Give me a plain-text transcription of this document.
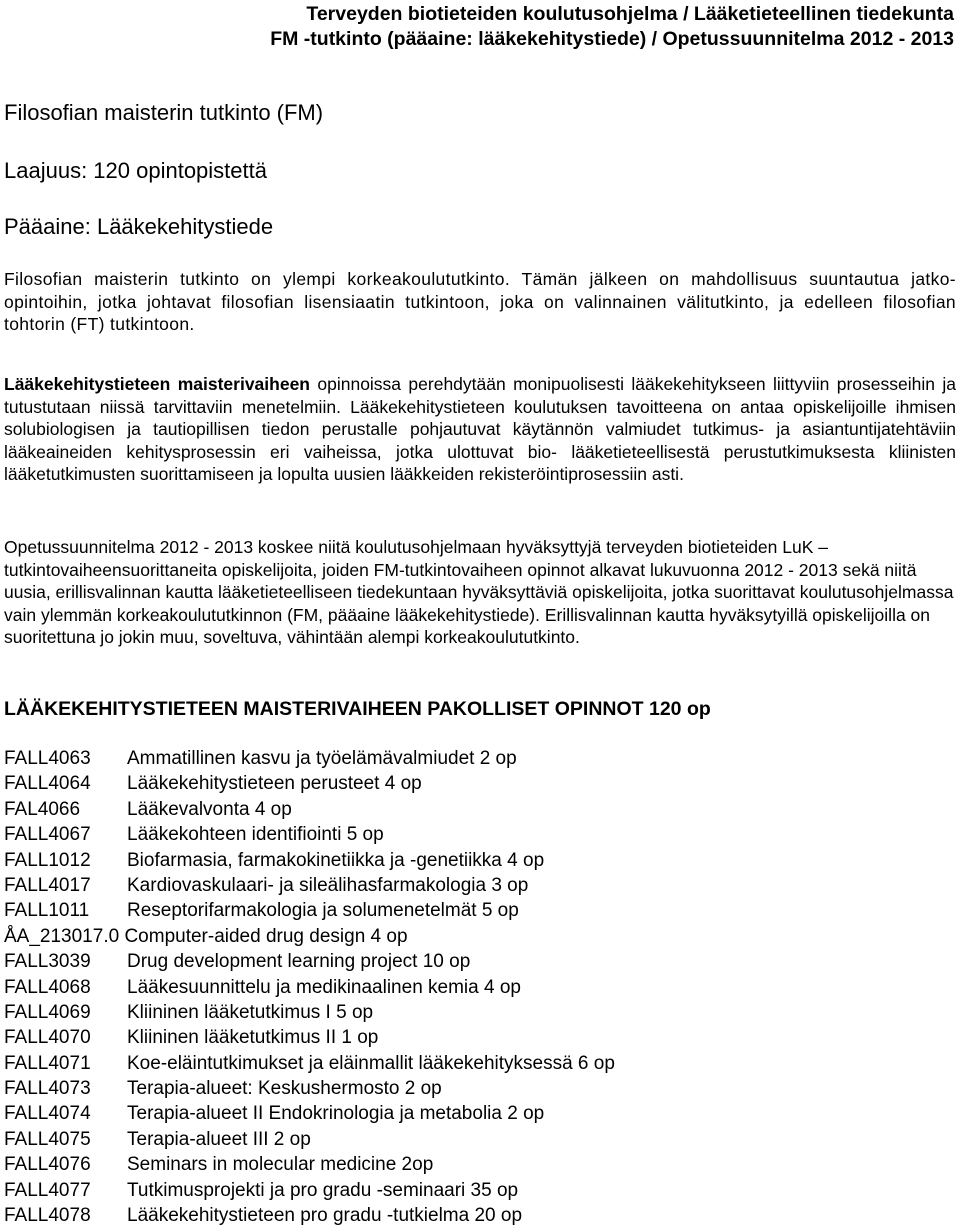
Terveyden biotieteiden koulutusohjelma / Lääketieteellinen tiedekunta
FM -tutkinto (pääaine: lääkekehitystiede) / Opetussuunnitelma 2012 - 2013
Filosofian maisterin tutkinto (FM)
Laajuus: 120 opintopistettä
Pääaine: Lääkekehitystiede

Filosofian maisterin tutkinto on ylempi korkeakoulututkinto. Tämän jälkeen on mahdollisuus suuntautua jatko-opintoihin, jotka johtavat filosofian lisensiaatin tutkintoon, joka on valinnainen välitutkinto, ja edelleen filosofian tohtorin (FT) tutkintoon.

Lääkekehitystieteen maisterivaiheen opinnoissa perehdytään monipuolisesti lääkekehitykseen liittyviin prosesseihin ja tutustutaan niissä tarvittaviin menetelmiin. Lääkekehitystieteen koulutuksen tavoitteena on antaa opiskelijoille ihmisen solubiologisen ja tautiopillisen tiedon perustalle pohjautuvat käytännön valmiudet tutkimus- ja asiantuntijatehtäviin lääkeaineiden kehitysprosessin eri vaiheissa, jotka ulottuvat bio- lääketieteellisestä perustutkimuksesta kliinisten lääketutkimusten suorittamiseen ja lopulta uusien lääkkeiden rekisteröintiprosessiin asti.

Opetussuunnitelma 2012 - 2013 koskee niitä koulutusohjelmaan hyväksyttyjä terveyden biotieteiden LuK –tutkintovaiheensuorittaneita opiskelijoita, joiden FM-tutkintovaiheen opinnot alkavat lukuvuonna 2012 - 2013 sekä niitä uusia, erillisvalinnan kautta lääketieteelliseen tiedekuntaan hyväksyttäviä opiskelijoita, jotka suorittavat koulutusohjelmassa vain ylemmän korkeakoulututkinnon (FM, pääaine lääkekehitystiede). Erillisvalinnan kautta hyväksytyillä opiskelijoilla on suoritettuna jo jokin muu, soveltuva, vähintään alempi korkeakoulututkinto.

LÄÄKEKEHITYSTIETEEN MAISTERIVAIHEEN PAKOLLISET OPINNOT 120 op
FALL4063 Ammatillinen kasvu ja työelämävalmiudet 2 op
FALL4064 Lääkekehitystieteen perusteet 4 op
FAL4066 Lääkevalvonta 4 op
FALL4067 Lääkekohteen identifiointi 5 op
FALL1012 Biofarmasia, farmakokinetiikka ja -genetiikka 4 op
FALL4017 Kardiovaskulaari- ja sileälihasfarmakologia 3 op
FALL1011 Reseptorifarmakologia ja solumenetelmät 5 op
ÅA_213017.0 Computer-aided drug design 4 op
FALL3039 Drug development learning project 10 op
FALL4068 Lääkesuunnittelu ja medikinaalinen kemia 4 op
FALL4069 Kliininen lääketutkimus I 5 op
FALL4070 Kliininen lääketutkimus II 1 op
FALL4071 Koe-eläintutkimukset ja eläinmallit lääkekehityksessä 6 op
FALL4073 Terapia-alueet: Keskushermosto 2 op
FALL4074 Terapia-alueet II Endokrinologia ja metabolia 2 op
FALL4075 Terapia-alueet III 2 op
FALL4076 Seminars in molecular medicine 2op
FALL4077 Tutkimusprojekti ja pro gradu -seminaari 35 op
FALL4078 Lääkekehitystieteen pro gradu -tutkielma 20 op
